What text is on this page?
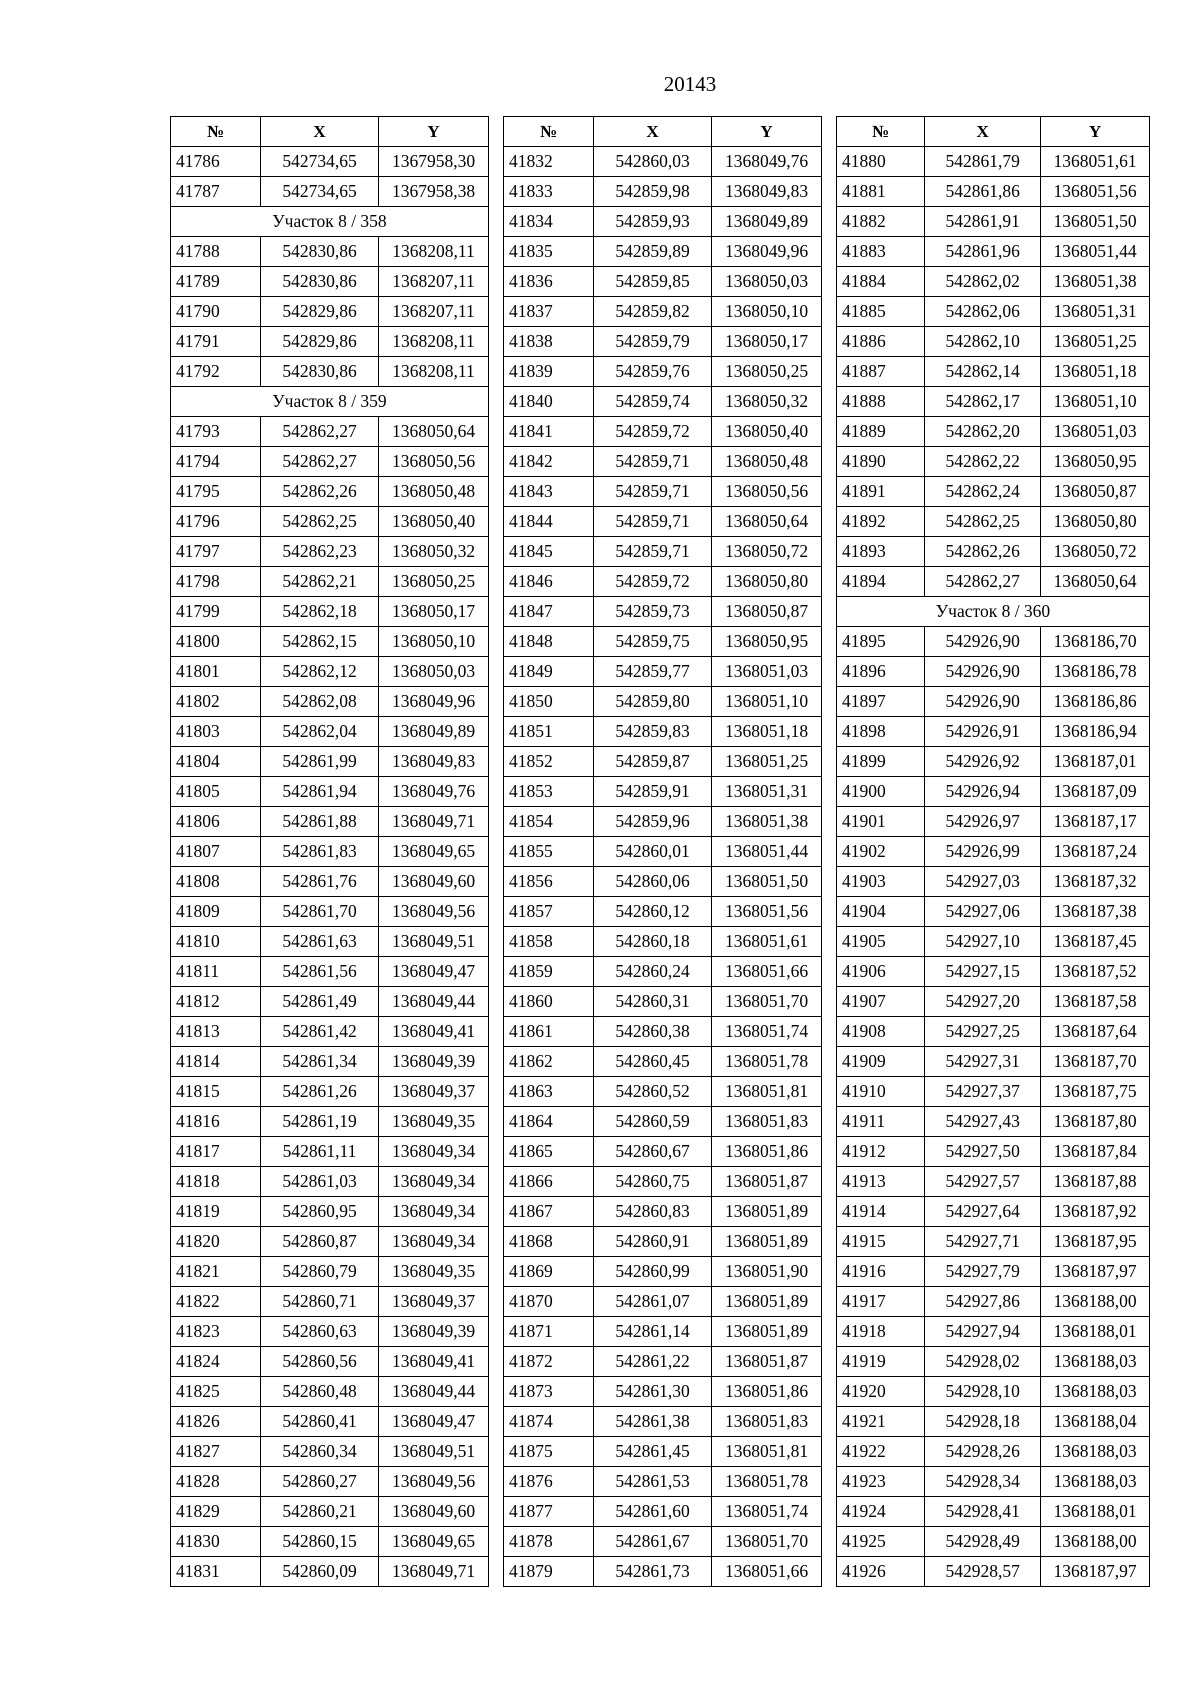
20143
№	X	Y
41786	542734,65	1367958,30
41787	542734,65	1367958,38
Участок 8 / 358		
41788	542830,86	1368208,11
41789	542830,86	1368207,11
41790	542829,86	1368207,11
41791	542829,86	1368208,11
41792	542830,86	1368208,11
Участок 8 / 359		
41793	542862,27	1368050,64
41794	542862,27	1368050,56
41795	542862,26	1368050,48
41796	542862,25	1368050,40
41797	542862,23	1368050,32
41798	542862,21	1368050,25
41799	542862,18	1368050,17
41800	542862,15	1368050,10
41801	542862,12	1368050,03
41802	542862,08	1368049,96
41803	542862,04	1368049,89
41804	542861,99	1368049,83
41805	542861,94	1368049,76
41806	542861,88	1368049,71
41807	542861,83	1368049,65
41808	542861,76	1368049,60
41809	542861,70	1368049,56
41810	542861,63	1368049,51
41811	542861,56	1368049,47
41812	542861,49	1368049,44
41813	542861,42	1368049,41
41814	542861,34	1368049,39
41815	542861,26	1368049,37
41816	542861,19	1368049,35
41817	542861,11	1368049,34
41818	542861,03	1368049,34
41819	542860,95	1368049,34
41820	542860,87	1368049,34
41821	542860,79	1368049,35
41822	542860,71	1368049,37
41823	542860,63	1368049,39
41824	542860,56	1368049,41
41825	542860,48	1368049,44
41826	542860,41	1368049,47
41827	542860,34	1368049,51
41828	542860,27	1368049,56
41829	542860,21	1368049,60
41830	542860,15	1368049,65
41831	542860,09	1368049,71
№	X	Y
41832	542860,03	1368049,76
41833	542859,98	1368049,83
41834	542859,93	1368049,89
41835	542859,89	1368049,96
41836	542859,85	1368050,03
41837	542859,82	1368050,10
41838	542859,79	1368050,17
41839	542859,76	1368050,25
41840	542859,74	1368050,32
41841	542859,72	1368050,40
41842	542859,71	1368050,48
41843	542859,71	1368050,56
41844	542859,71	1368050,64
41845	542859,71	1368050,72
41846	542859,72	1368050,80
41847	542859,73	1368050,87
41848	542859,75	1368050,95
41849	542859,77	1368051,03
41850	542859,80	1368051,10
41851	542859,83	1368051,18
41852	542859,87	1368051,25
41853	542859,91	1368051,31
41854	542859,96	1368051,38
41855	542860,01	1368051,44
41856	542860,06	1368051,50
41857	542860,12	1368051,56
41858	542860,18	1368051,61
41859	542860,24	1368051,66
41860	542860,31	1368051,70
41861	542860,38	1368051,74
41862	542860,45	1368051,78
41863	542860,52	1368051,81
41864	542860,59	1368051,83
41865	542860,67	1368051,86
41866	542860,75	1368051,87
41867	542860,83	1368051,89
41868	542860,91	1368051,89
41869	542860,99	1368051,90
41870	542861,07	1368051,89
41871	542861,14	1368051,89
41872	542861,22	1368051,87
41873	542861,30	1368051,86
41874	542861,38	1368051,83
41875	542861,45	1368051,81
41876	542861,53	1368051,78
41877	542861,60	1368051,74
41878	542861,67	1368051,70
41879	542861,73	1368051,66
№	X	Y
41880	542861,79	1368051,61
41881	542861,86	1368051,56
41882	542861,91	1368051,50
41883	542861,96	1368051,44
41884	542862,02	1368051,38
41885	542862,06	1368051,31
41886	542862,10	1368051,25
41887	542862,14	1368051,18
41888	542862,17	1368051,10
41889	542862,20	1368051,03
41890	542862,22	1368050,95
41891	542862,24	1368050,87
41892	542862,25	1368050,80
41893	542862,26	1368050,72
41894	542862,27	1368050,64
Участок 8 / 360		
41895	542926,90	1368186,70
41896	542926,90	1368186,78
41897	542926,90	1368186,86
41898	542926,91	1368186,94
41899	542926,92	1368187,01
41900	542926,94	1368187,09
41901	542926,97	1368187,17
41902	542926,99	1368187,24
41903	542927,03	1368187,32
41904	542927,06	1368187,38
41905	542927,10	1368187,45
41906	542927,15	1368187,52
41907	542927,20	1368187,58
41908	542927,25	1368187,64
41909	542927,31	1368187,70
41910	542927,37	1368187,75
41911	542927,43	1368187,80
41912	542927,50	1368187,84
41913	542927,57	1368187,88
41914	542927,64	1368187,92
41915	542927,71	1368187,95
41916	542927,79	1368187,97
41917	542927,86	1368188,00
41918	542927,94	1368188,01
41919	542928,02	1368188,03
41920	542928,10	1368188,03
41921	542928,18	1368188,04
41922	542928,26	1368188,03
41923	542928,34	1368188,03
41924	542928,41	1368188,01
41925	542928,49	1368188,00
41926	542928,57	1368187,97
